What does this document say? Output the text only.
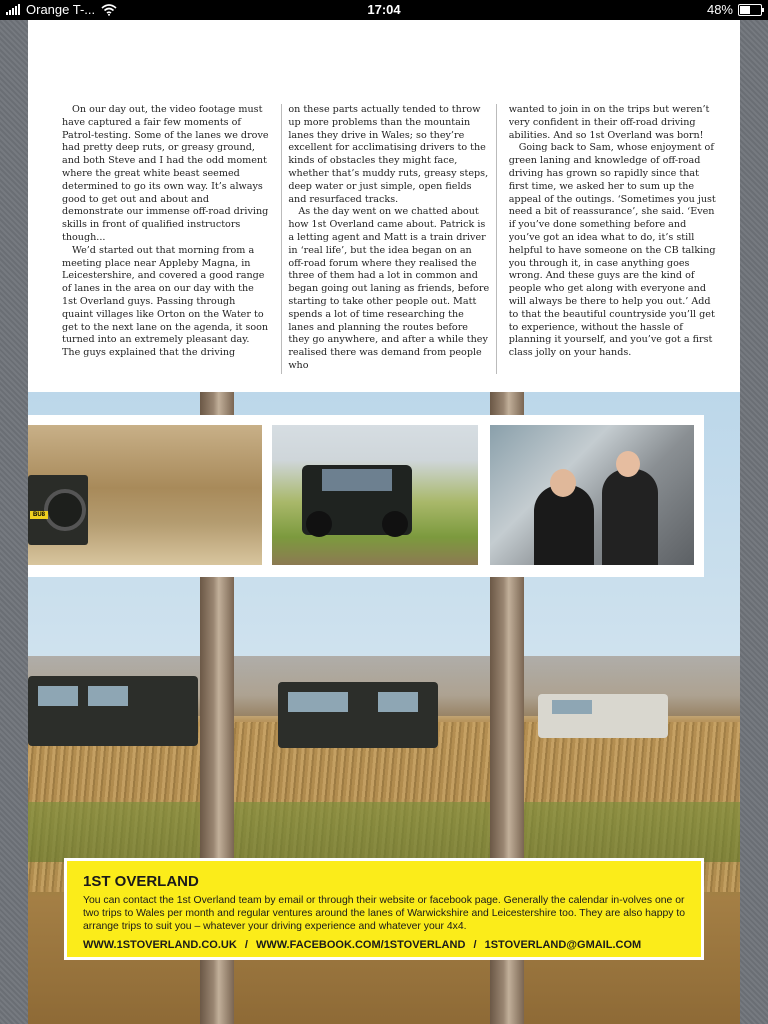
Orange T-...	17:04	48%

On our day out, the video footage must have captured a fair few moments of Patrol-testing. Some of the lanes we drove had pretty deep ruts, or greasy ground, and both Steve and I had the odd moment where the great white beast seemed determined to go its own way. It’s always good to get out and about and demonstrate our immense off-road driving skills in front of qualified instructors though...

We’d started out that morning from a meeting place near Appleby Magna, in Leicestershire, and covered a good range of lanes in the area on our day with the 1st Overland guys. Passing through quaint villages like Orton on the Water to get to the next lane on the agenda, it soon turned into an extremely pleasant day. The guys explained that the driving

on these parts actually tended to throw up more problems than the mountain lanes they drive in Wales; so they’re excellent for acclimatising drivers to the kinds of obstacles they might face, whether that’s muddy ruts, greasy steps, deep water or just simple, open fields and resurfaced tracks.

As the day went on we chatted about how 1st Overland came about. Patrick is a letting agent and Matt is a train driver in ‘real life’, but the idea began on an off-road forum where they realised the three of them had a lot in common and began going out laning as friends, before starting to take other people out. Matt spends a lot of time researching the lanes and planning the routes before they go anywhere, and after a while they realised there was demand from people who

wanted to join in on the trips but weren’t very confident in their off-road driving abilities. And so 1st Overland was born!

Going back to Sam, whose enjoyment of green laning and knowledge of off-road driving has grown so rapidly since that first time, we asked her to sum up the appeal of the outings. ‘Sometimes you just need a bit of reassurance’, she said. ‘Even if you’ve done something before and you’ve got an idea what to do, it’s still helpful to have someone on the CB talking you through it, in case anything goes wrong. And these guys are the kind of people who get along with everyone and will always be there to help you out.’ Add to that the beautiful countryside you’ll get to experience, without the hassle of planning it yourself, and you’ve got a first class jolly on your hands.

BU8
1ST OVERLAND

You can contact the 1st Overland team by email or through their website or facebook page. Generally the calendar in-volves one or two trips to Wales per month and regular ventures around the lanes of Warwickshire and Leicestershire too. They are also happy to arrange trips to suit you – whatever your driving experience and whatever your 4x4.

WWW.1STOVERLAND.CO.UK / WWW.FACEBOOK.COM/1STOVERLAND / 1STOVERLAND@GMAIL.COM
